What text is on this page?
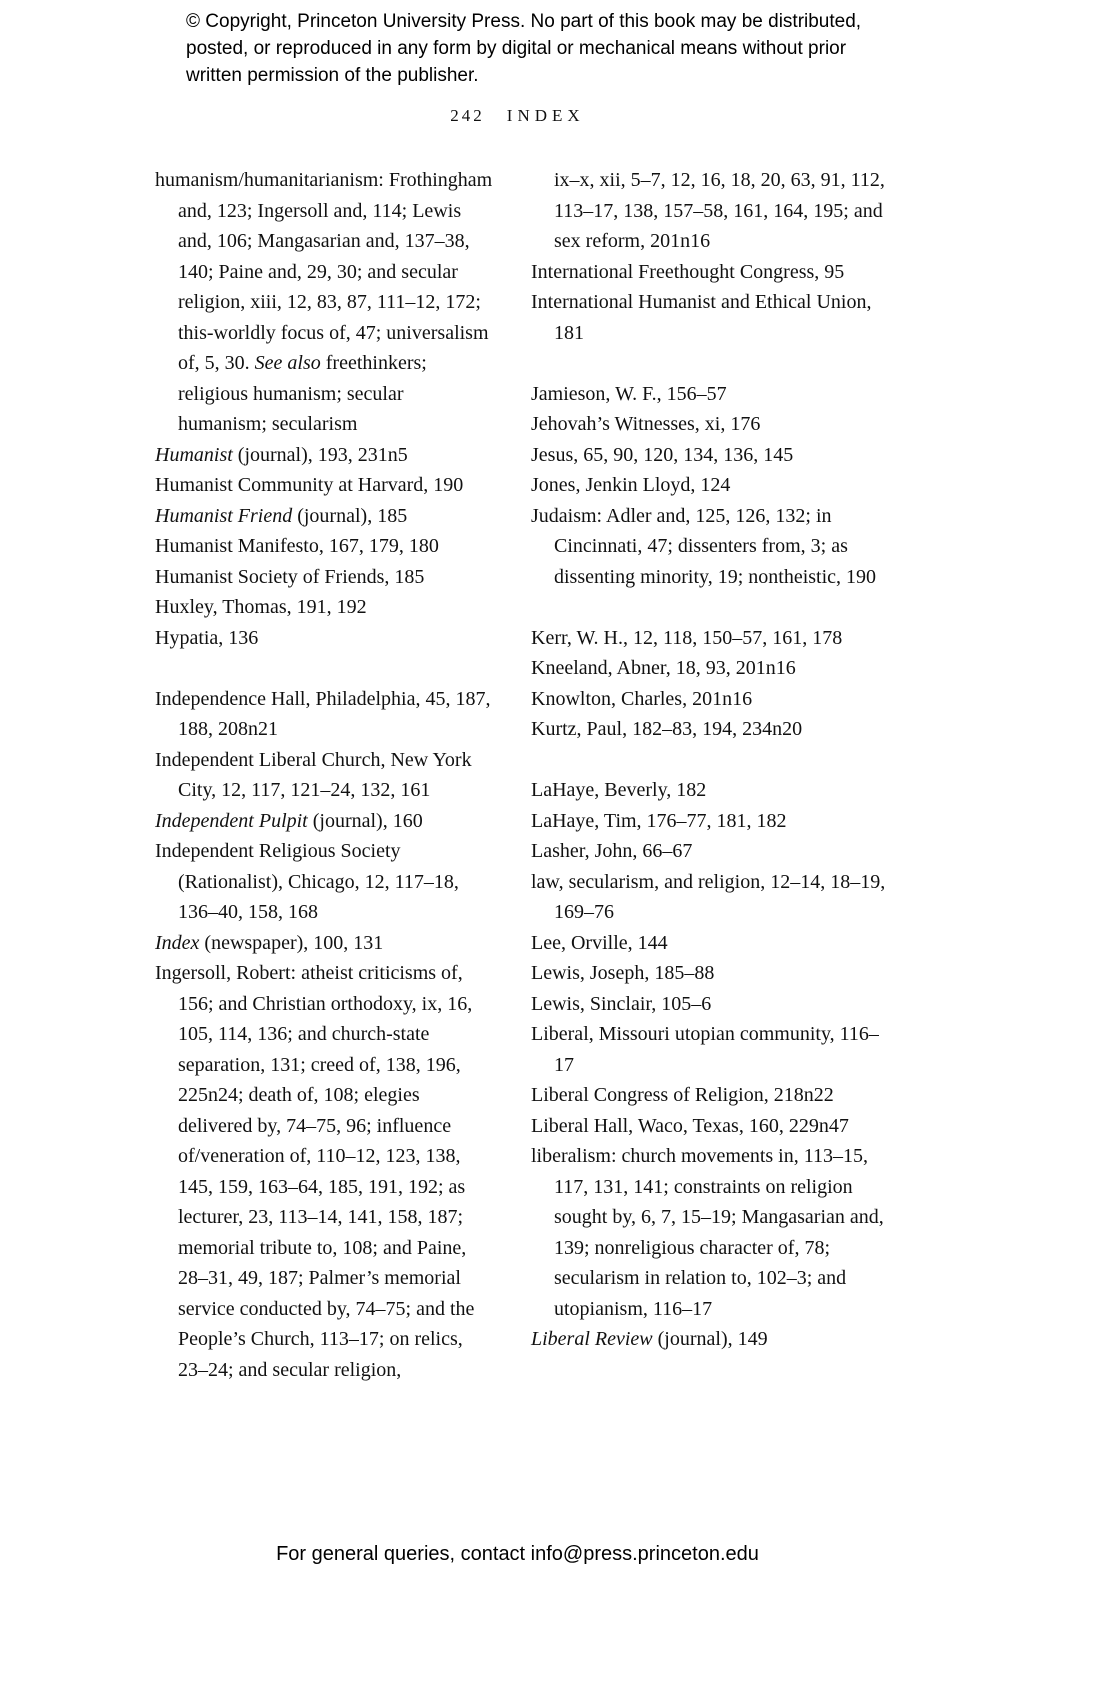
© Copyright, Princeton University Press. No part of this book may be distributed, posted, or reproduced in any form by digital or mechanical means without prior written permission of the publisher.
242 INDEX
humanism/humanitarianism: Frothingham and, 123; Ingersoll and, 114; Lewis and, 106; Mangasarian and, 137–38, 140; Paine and, 29, 30; and secular religion, xiii, 12, 83, 87, 111–12, 172; this-worldly focus of, 47; universalism of, 5, 30. See also freethinkers; religious humanism; secular humanism; secularism
Humanist (journal), 193, 231n5
Humanist Community at Harvard, 190
Humanist Friend (journal), 185
Humanist Manifesto, 167, 179, 180
Humanist Society of Friends, 185
Huxley, Thomas, 191, 192
Hypatia, 136
Independence Hall, Philadelphia, 45, 187, 188, 208n21
Independent Liberal Church, New York City, 12, 117, 121–24, 132, 161
Independent Pulpit (journal), 160
Independent Religious Society (Rationalist), Chicago, 12, 117–18, 136–40, 158, 168
Index (newspaper), 100, 131
Ingersoll, Robert: atheist criticisms of, 156; and Christian orthodoxy, ix, 16, 105, 114, 136; and church-state separation, 131; creed of, 138, 196, 225n24; death of, 108; elegies delivered by, 74–75, 96; influence of/veneration of, 110–12, 123, 138, 145, 159, 163–64, 185, 191, 192; as lecturer, 23, 113–14, 141, 158, 187; memorial tribute to, 108; and Paine, 28–31, 49, 187; Palmer’s memorial service conducted by, 74–75; and the People’s Church, 113–17; on relics, 23–24; and secular religion,
ix–x, xii, 5–7, 12, 16, 18, 20, 63, 91, 112, 113–17, 138, 157–58, 161, 164, 195; and sex reform, 201n16
International Freethought Congress, 95
International Humanist and Ethical Union, 181
Jamieson, W. F., 156–57
Jehovah’s Witnesses, xi, 176
Jesus, 65, 90, 120, 134, 136, 145
Jones, Jenkin Lloyd, 124
Judaism: Adler and, 125, 126, 132; in Cincinnati, 47; dissenters from, 3; as dissenting minority, 19; nontheistic, 190
Kerr, W. H., 12, 118, 150–57, 161, 178
Kneeland, Abner, 18, 93, 201n16
Knowlton, Charles, 201n16
Kurtz, Paul, 182–83, 194, 234n20
LaHaye, Beverly, 182
LaHaye, Tim, 176–77, 181, 182
Lasher, John, 66–67
law, secularism, and religion, 12–14, 18–19, 169–76
Lee, Orville, 144
Lewis, Joseph, 185–88
Lewis, Sinclair, 105–6
Liberal, Missouri utopian community, 116–17
Liberal Congress of Religion, 218n22
Liberal Hall, Waco, Texas, 160, 229n47
liberalism: church movements in, 113–15, 117, 131, 141; constraints on religion sought by, 6, 7, 15–19; Mangasarian and, 139; nonreligious character of, 78; secularism in relation to, 102–3; and utopianism, 116–17
Liberal Review (journal), 149
For general queries, contact info@press.princeton.edu
